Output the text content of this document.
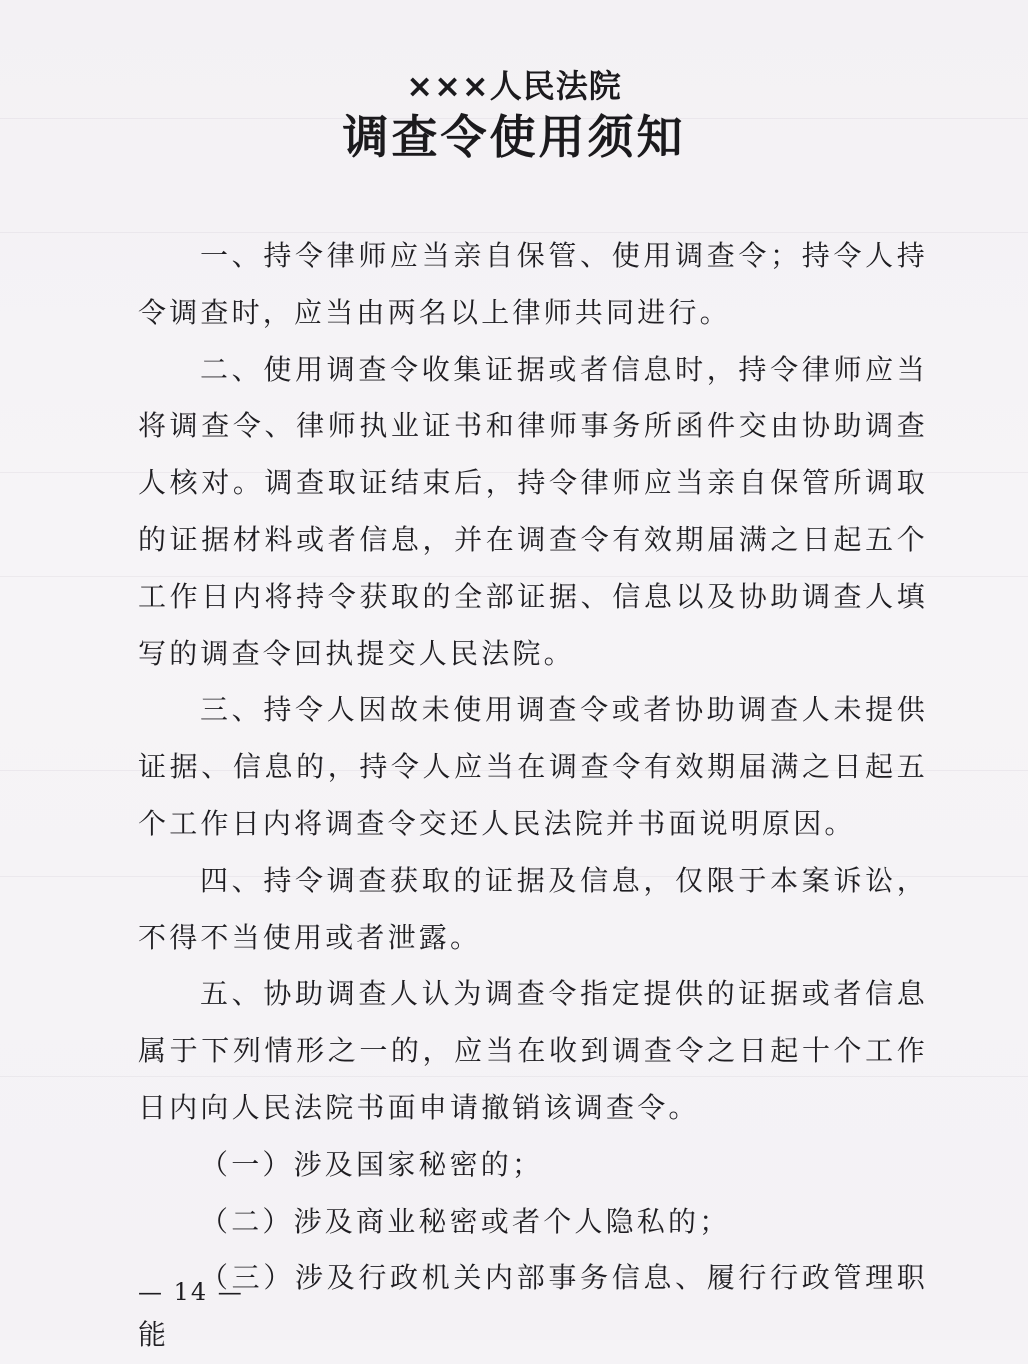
×××人民法院
调查令使用须知

一、持令律师应当亲自保管、使用调查令；持令人持令调查时，应当由两名以上律师共同进行。

二、使用调查令收集证据或者信息时，持令律师应当将调查令、律师执业证书和律师事务所函件交由协助调查人核对。调查取证结束后，持令律师应当亲自保管所调取的证据材料或者信息，并在调查令有效期届满之日起五个工作日内将持令获取的全部证据、信息以及协助调查人填写的调查令回执提交人民法院。

三、持令人因故未使用调查令或者协助调查人未提供证据、信息的，持令人应当在调查令有效期届满之日起五个工作日内将调查令交还人民法院并书面说明原因。

四、持令调查获取的证据及信息，仅限于本案诉讼，不得不当使用或者泄露。

五、协助调查人认为调查令指定提供的证据或者信息属于下列情形之一的，应当在收到调查令之日起十个工作日内向人民法院书面申请撤销该调查令。

（一）涉及国家秘密的；

（二）涉及商业秘密或者个人隐私的；

（三）涉及行政机关内部事务信息、履行行政管理职能

— 14 —
